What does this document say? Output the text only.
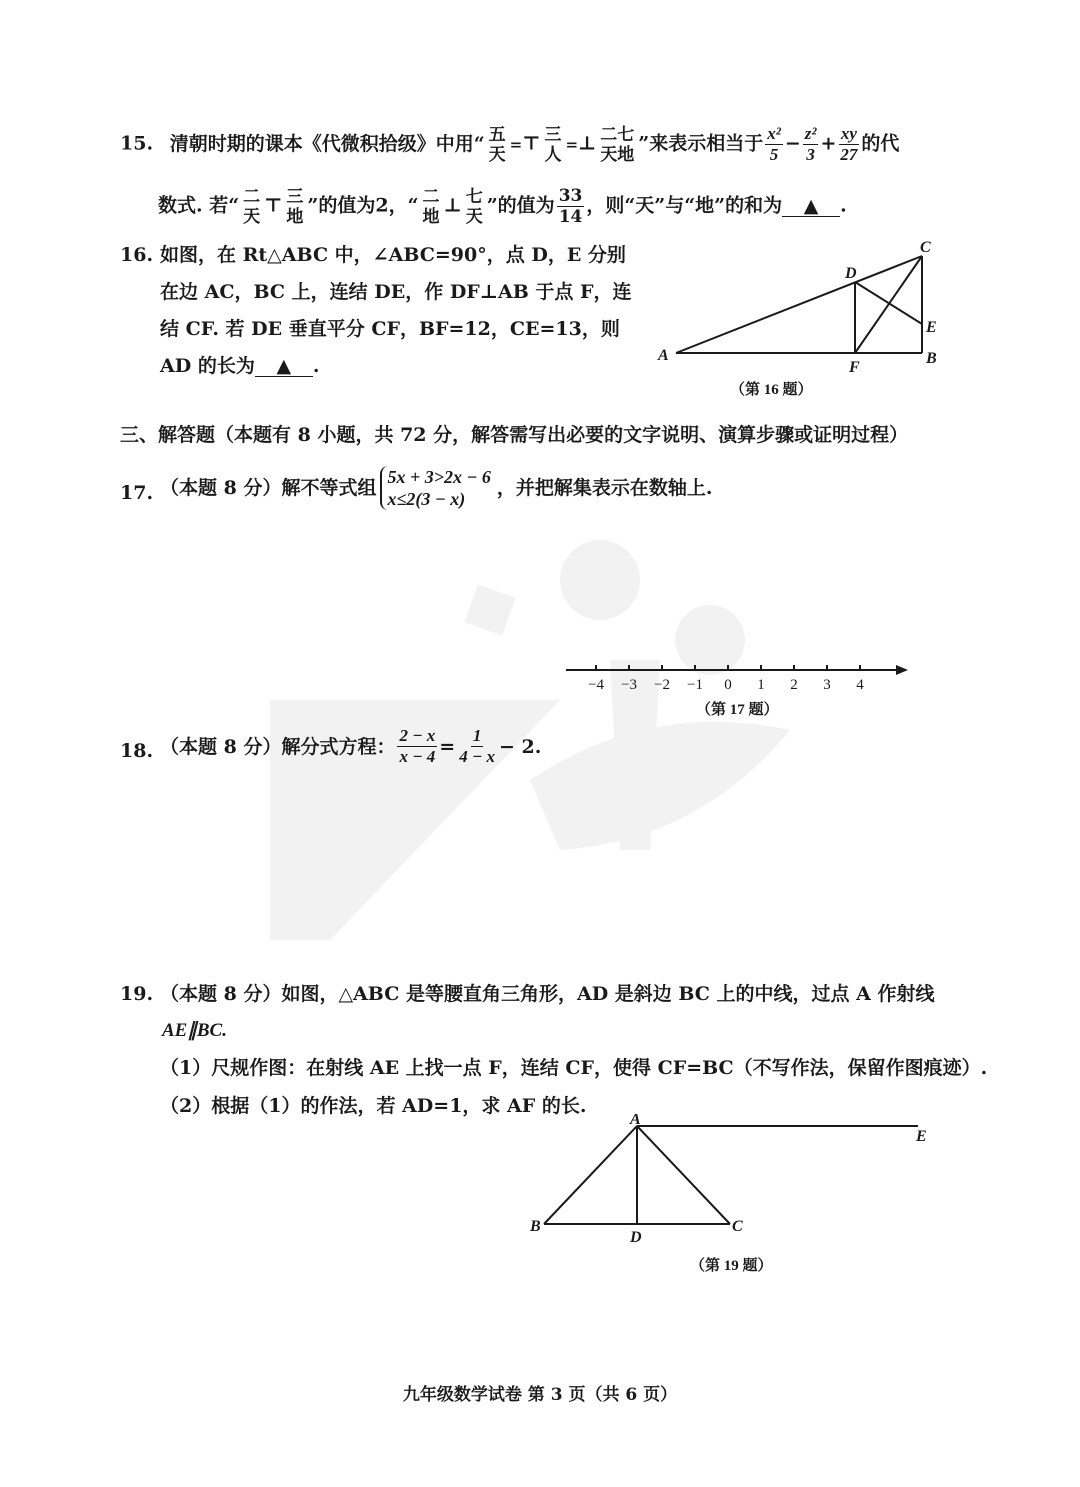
15. 清朝时期的课本《代微积拾级》中用“ 五
天 =⊤ 三
人 =⊥ 二七
天地 ”来表示相当于 $\frac{\text{x²}}{5} - \frac{\text{z²}}{3} + \frac{xy}{27}$ 的代
数式. 若“ 二
天 ⊤ 三
地 ”的值为2，“ 二
地 ⊥ 七
天 ”的值为 $\frac{33}{14}$ ，则“天”与“地”的和为 ▲ .
16. 如图，在 Rt△ABC 中，∠ABC=90°，点 D，E 分别
在边 AC，BC 上，连结 DE，作 DF⊥AB 于点 F，连
结 CF. 若 DE 垂直平分 CF，BF=12，CE=13，则
AD 的长为 ▲ .	A	B
C
D
E
F
（第 16 题）
三、解答题（本题有 8 小题，共 72 分，解答需写出必要的文字说明、演算步骤或证明过程）
17. （本题 8 分）解不等式组 5x + 3>2x − 6
x≤2(3 − x)	，并把解集表示在数轴上.
−4 −3 −2 −1 0 1 2 3 4
（第 17 题）
18. （本题 8 分）解分式方程： $\frac{2 - x}{x - 4} = \frac{1}{4 - x} - 2$.
19. （本题 8 分）如图，△ABC 是等腰直角三角形，AD 是斜边 BC 上的中线，过点 A 作射线
AE∥BC.
（1）尺规作图：在射线 AE 上找一点 F，连结 CF，使得 CF=BC（不写作法，保留作图痕迹）.
（2）根据（1）的作法，若 AD=1，求 AF 的长.
A
B	C
D
E
（第 19 题）
九年级数学试卷 第 3 页（共 6 页）
